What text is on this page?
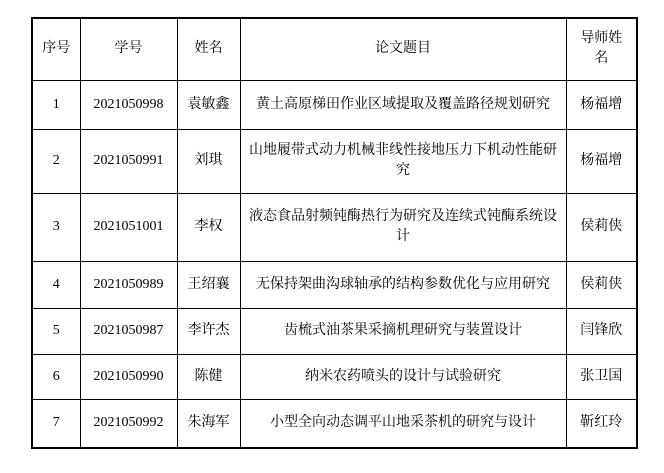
序号	学号	姓名	论文题目	导师姓名
1	2021050998	袁敏鑫	黄土高原梯田作业区域提取及覆盖路径规划研究	杨福增
2	2021050991	刘琪	山地履带式动力机械非线性接地压力下机动性能研究	杨福增
3	2021051001	李权	液态食品射频钝酶热行为研究及连续式钝酶系统设计	侯莉侠
4	2021050989	王绍襄	无保持架曲沟球轴承的结构参数优化与应用研究	侯莉侠
5	2021050987	李许杰	齿梳式油茶果采摘机理研究与装置设计	闫锋欣
6	2021050990	陈健	纳米农药喷头的设计与试验研究	张卫国
7	2021050992	朱海军	小型全向动态调平山地采茶机的研究与设计	靳红玲
